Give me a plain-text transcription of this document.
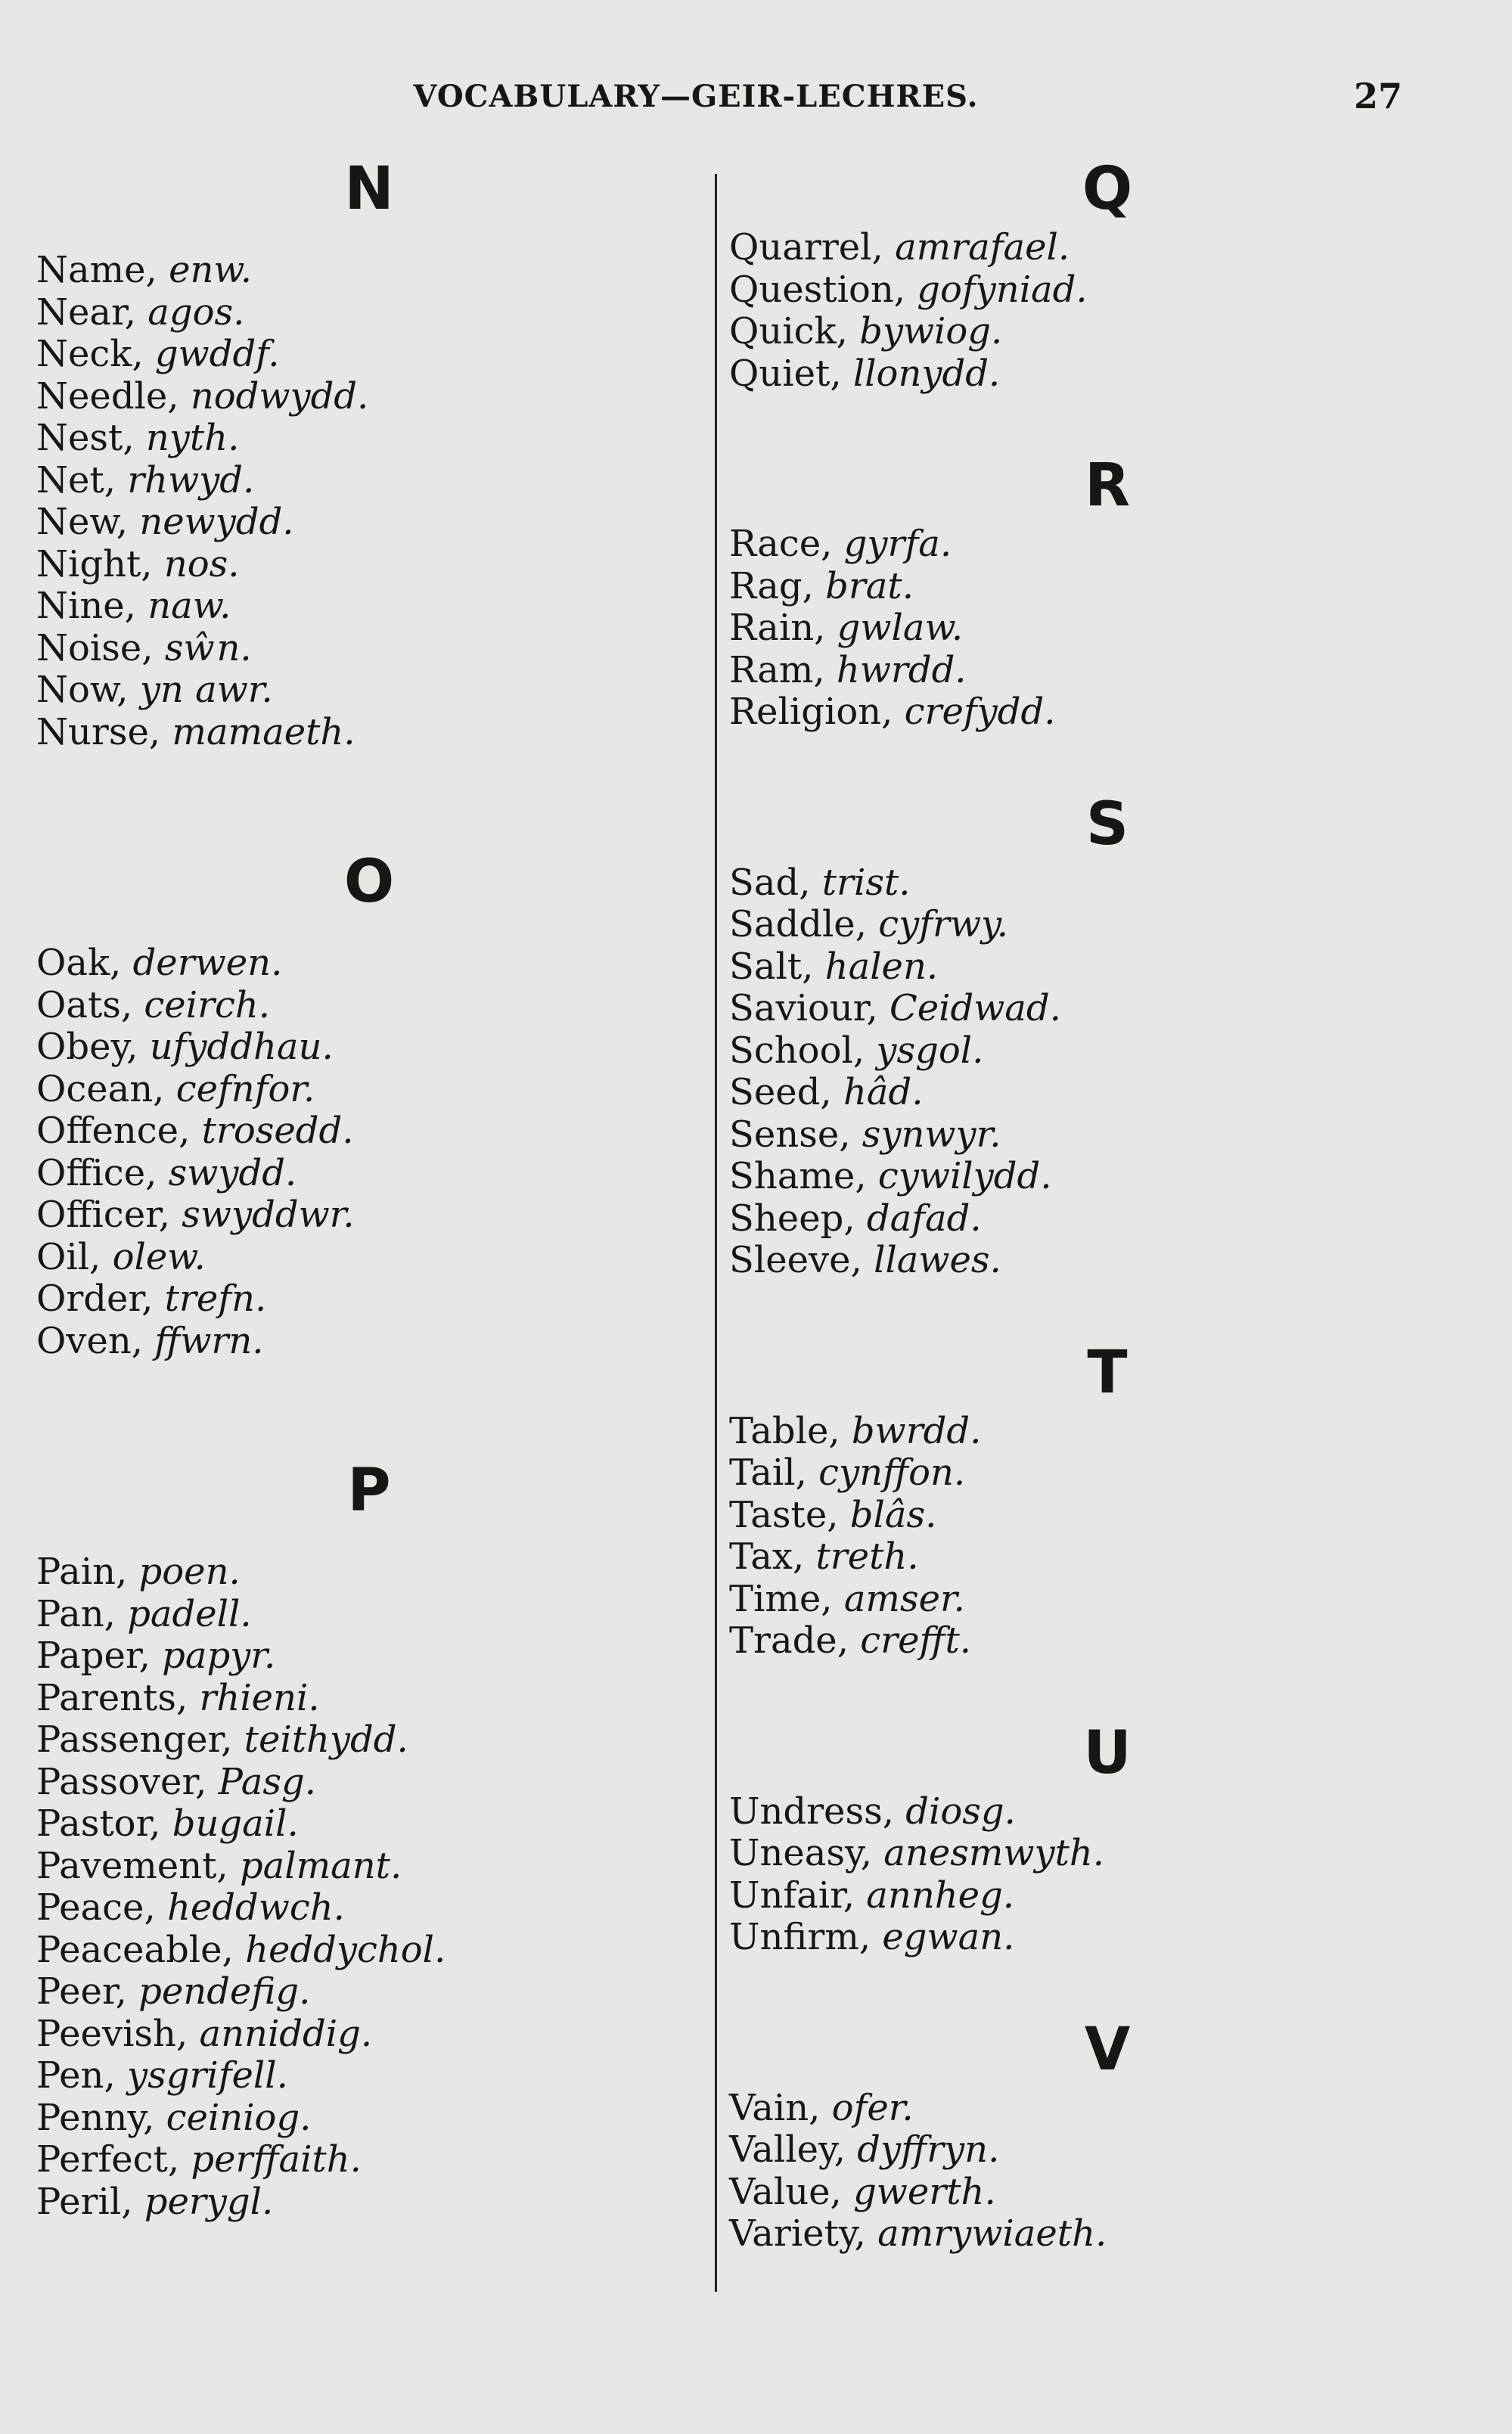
VOCABULARY—GEIR-LECHRES.	27
N
Name, enw.
Near, agos.
Neck, gwddf.
Needle, nodwydd.
Nest, nyth.
Net, rhwyd.
New, newydd.
Night, nos.
Nine, naw.
Noise, sŵn.
Now, yn awr.
Nurse, mamaeth.
O
Oak, derwen.
Oats, ceirch.
Obey, ufyddhau.
Ocean, cefnfor.
Offence, trosedd.
Office, swydd.
Officer, swyddwr.
Oil, olew.
Order, trefn.
Oven, ffwrn.
P
Pain, poen.
Pan, padell.
Paper, papyr.
Parents, rhieni.
Passenger, teithydd.
Passover, Pasg.
Pastor, bugail.
Pavement, palmant.
Peace, heddwch.
Peaceable, heddychol.
Peer, pendefig.
Peevish, anniddig.
Pen, ysgrifell.
Penny, ceiniog.
Perfect, perffaith.
Peril, perygl.
Q
Quarrel, amrafael.
Question, gofyniad.
Quick, bywiog.
Quiet, llonydd.
R
Race, gyrfa.
Rag, brat.
Rain, gwlaw.
Ram, hwrdd.
Religion, crefydd.
S
Sad, trist.
Saddle, cyfrwy.
Salt, halen.
Saviour, Ceidwad.
School, ysgol.
Seed, hâd.
Sense, synwyr.
Shame, cywilydd.
Sheep, dafad.
Sleeve, llawes.
T
Table, bwrdd.
Tail, cynffon.
Taste, blâs.
Tax, treth.
Time, amser.
Trade, crefft.
U
Undress, diosg.
Uneasy, anesmwyth.
Unfair, annheg.
Unfirm, egwan.
V
Vain, ofer.
Valley, dyffryn.
Value, gwerth.
Variety, amrywiaeth.
